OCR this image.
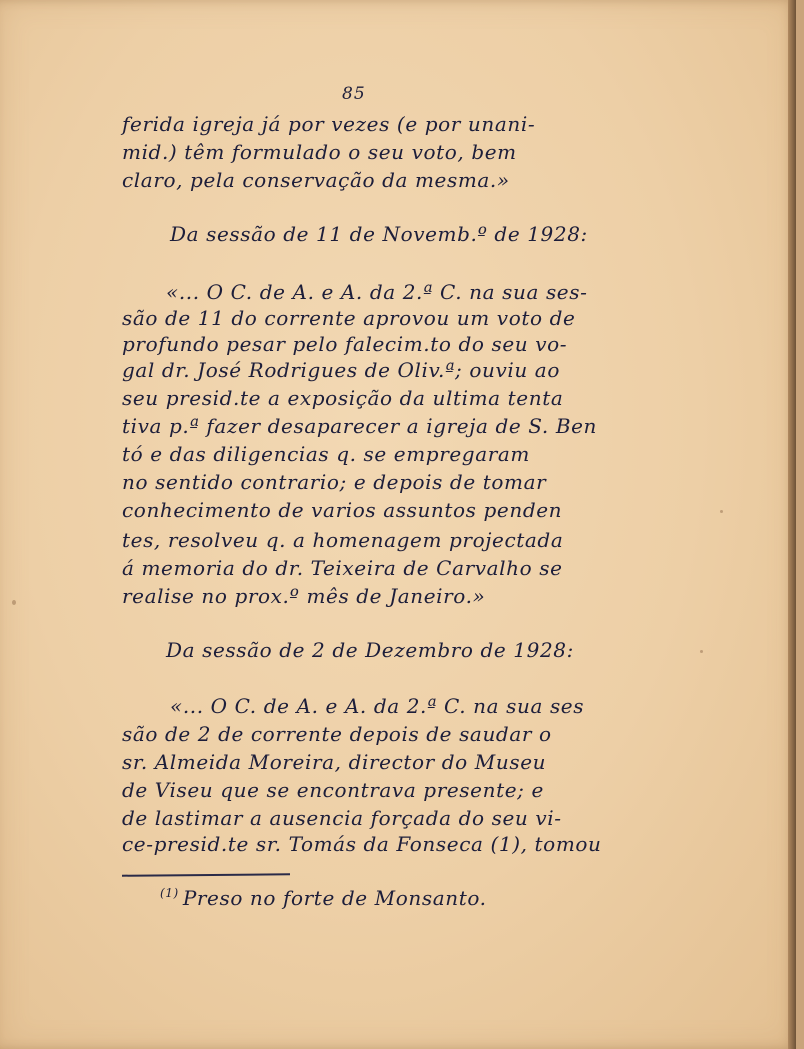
85
ferida igreja já por vezes (e por unani-
mid.) têm formulado o seu voto, bem
claro, pela conservação da mesma.»
Da sessão de 11 de Novemb.º de 1928:
«... O C. de A. e A. da 2.ª C. na sua ses-
são de 11 do corrente aprovou um voto de
profundo pesar pelo falecim.to do seu vo-
gal dr. José Rodrigues de Oliv.ª; ouviu ao
seu presid.te a exposição da ultima tenta
tiva p.ª fazer desaparecer a igreja de S. Ben
tó e das diligencias q. se empregaram
no sentido contrario; e depois de tomar
conhecimento de varios assuntos penden
tes, resolveu q. a homenagem projectada
á memoria do dr. Teixeira de Carvalho se
realise no prox.º mês de Janeiro.»
Da sessão de 2 de Dezembro de 1928:
«... O C. de A. e A. da 2.ª C. na sua ses
são de 2 de corrente depois de saudar o
sr. Almeida Moreira, director do Museu
de Viseu que se encontrava presente; e
de lastimar a ausencia forçada do seu vi-
ce-presid.te sr. Tomás da Fonseca (1), tomou
$^{(1)}$ Preso no forte de Monsanto.
